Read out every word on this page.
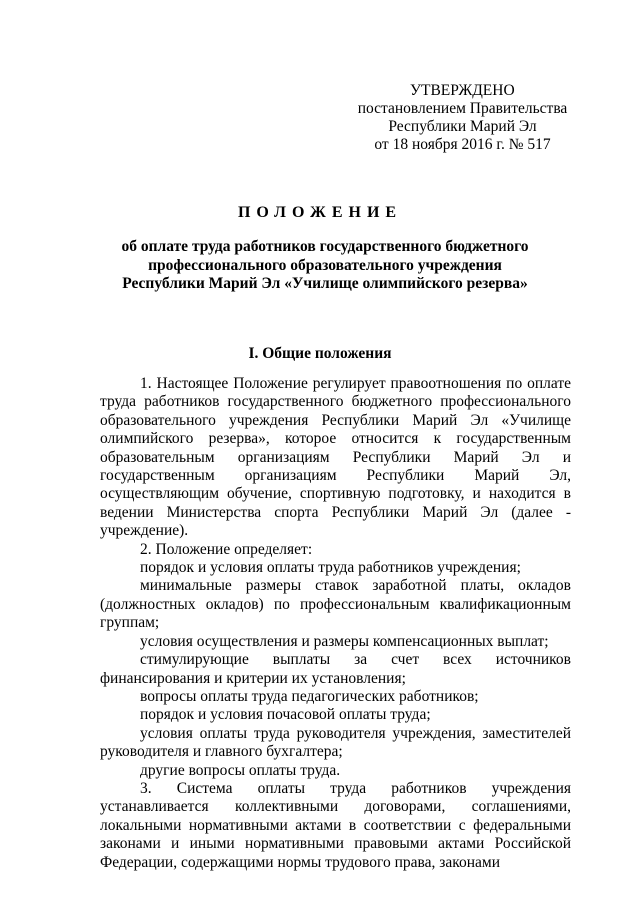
УТВЕРЖДЕНО
постановлением Правительства
Республики Марий Эл
от 18 ноября 2016 г. № 517
ПОЛОЖЕНИЕ
об оплате труда работников государственного бюджетного
профессионального образовательного учреждения
Республики Марий Эл «Училище олимпийского резерва»
I. Общие положения

1. Настоящее Положение регулирует правоотношения по оплате труда работников государственного бюджетного профессионального образовательного учреждения Республики Марий Эл «Училище олимпийского резерва», которое относится к государственным образовательным организациям Республики Марий Эл и государственным организациям Республики Марий Эл, осуществляющим обучение, спортивную подготовку, и находится в ведении Министерства спорта Республики Марий Эл (далее - учреждение).

2. Положение определяет:

порядок и условия оплаты труда работников учреждения;

минимальные размеры ставок заработной платы, окладов (должностных окладов) по профессиональным квалификационным группам;

условия осуществления и размеры компенсационных выплат;

стимулирующие выплаты за счет всех источников финансирования и критерии их установления;

вопросы оплаты труда педагогических работников;

порядок и условия почасовой оплаты труда;

условия оплаты труда руководителя учреждения, заместителей руководителя и главного бухгалтера;

другие вопросы оплаты труда.

3. Система оплаты труда работников учреждения устанавливается коллективными договорами, соглашениями, локальными нормативными актами в соответствии с федеральными законами и иными нормативными правовыми актами Российской Федерации, содержащими нормы трудового права, законами
